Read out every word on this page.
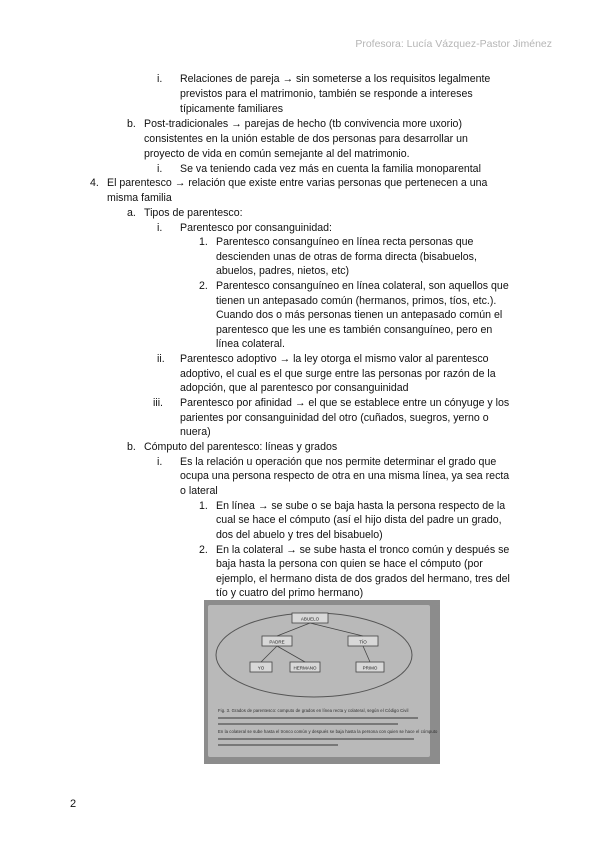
Profesora: Lucía Vázquez-Pastor Jiménez
i.
b.
i.
4.
a.
i.
1.
2.
ii.
iii.
b.
i.
1.
2.
Relaciones de pareja → sin someterse a los requisitos legalmente
previstos para el matrimonio, también se responde a intereses
típicamente familiares
Post-tradicionales → parejas de hecho (tb convivencia more uxorio)
consistentes en la unión estable de dos personas para desarrollar un
proyecto de vida en común semejante al del matrimonio.
Se va teniendo cada vez más en cuenta la familia monoparental
El parentesco → relación que existe entre varias personas que pertenecen a una
misma familia
Tipos de parentesco:
Parentesco por consanguinidad:
Parentesco consanguíneo en línea recta personas que
descienden unas de otras de forma directa (bisabuelos,
abuelos, padres, nietos, etc)
Parentesco consanguíneo en línea colateral, son aquellos que
tienen un antepasado común (hermanos, primos, tíos, etc.).
Cuando dos o más personas tienen un antepasado común el
parentesco que les une es también consanguíneo, pero en
línea colateral.
Parentesco adoptivo → la ley otorga el mismo valor al parentesco
adoptivo, el cual es el que surge entre las personas por razón de la
adopción, que al parentesco por consanguinidad
Parentesco por afinidad → el que se establece entre un cónyuge y los
parientes por consanguinidad del otro (cuñados, suegros, yerno o
nuera)
Cómputo del parentesco: líneas y grados
Es la relación u operación que nos permite determinar el grado que
ocupa una persona respecto de otra en una misma línea, ya sea recta
o lateral
En línea → se sube o se baja hasta la persona respecto de la
cual se hace el cómputo (así el hijo dista del padre un grado,
dos del abuelo y tres del bisabuelo)
En la colateral → se sube hasta el tronco común y después se
baja hasta la persona con quien se hace el cómputo (por
ejemplo, el hermano dista de dos grados del hermano, tres del
tío y cuatro del primo hermano)
ABUELO
PADRE	TÍO
YO	HERMANO	PRIMO
Fig. 3. Grados de parentesco: computo de grados en línea recta y colateral, según el Código Civil
En la colateral se sube hasta el tronco común y después se baja hasta la persona con quien se hace el cómputo
2
